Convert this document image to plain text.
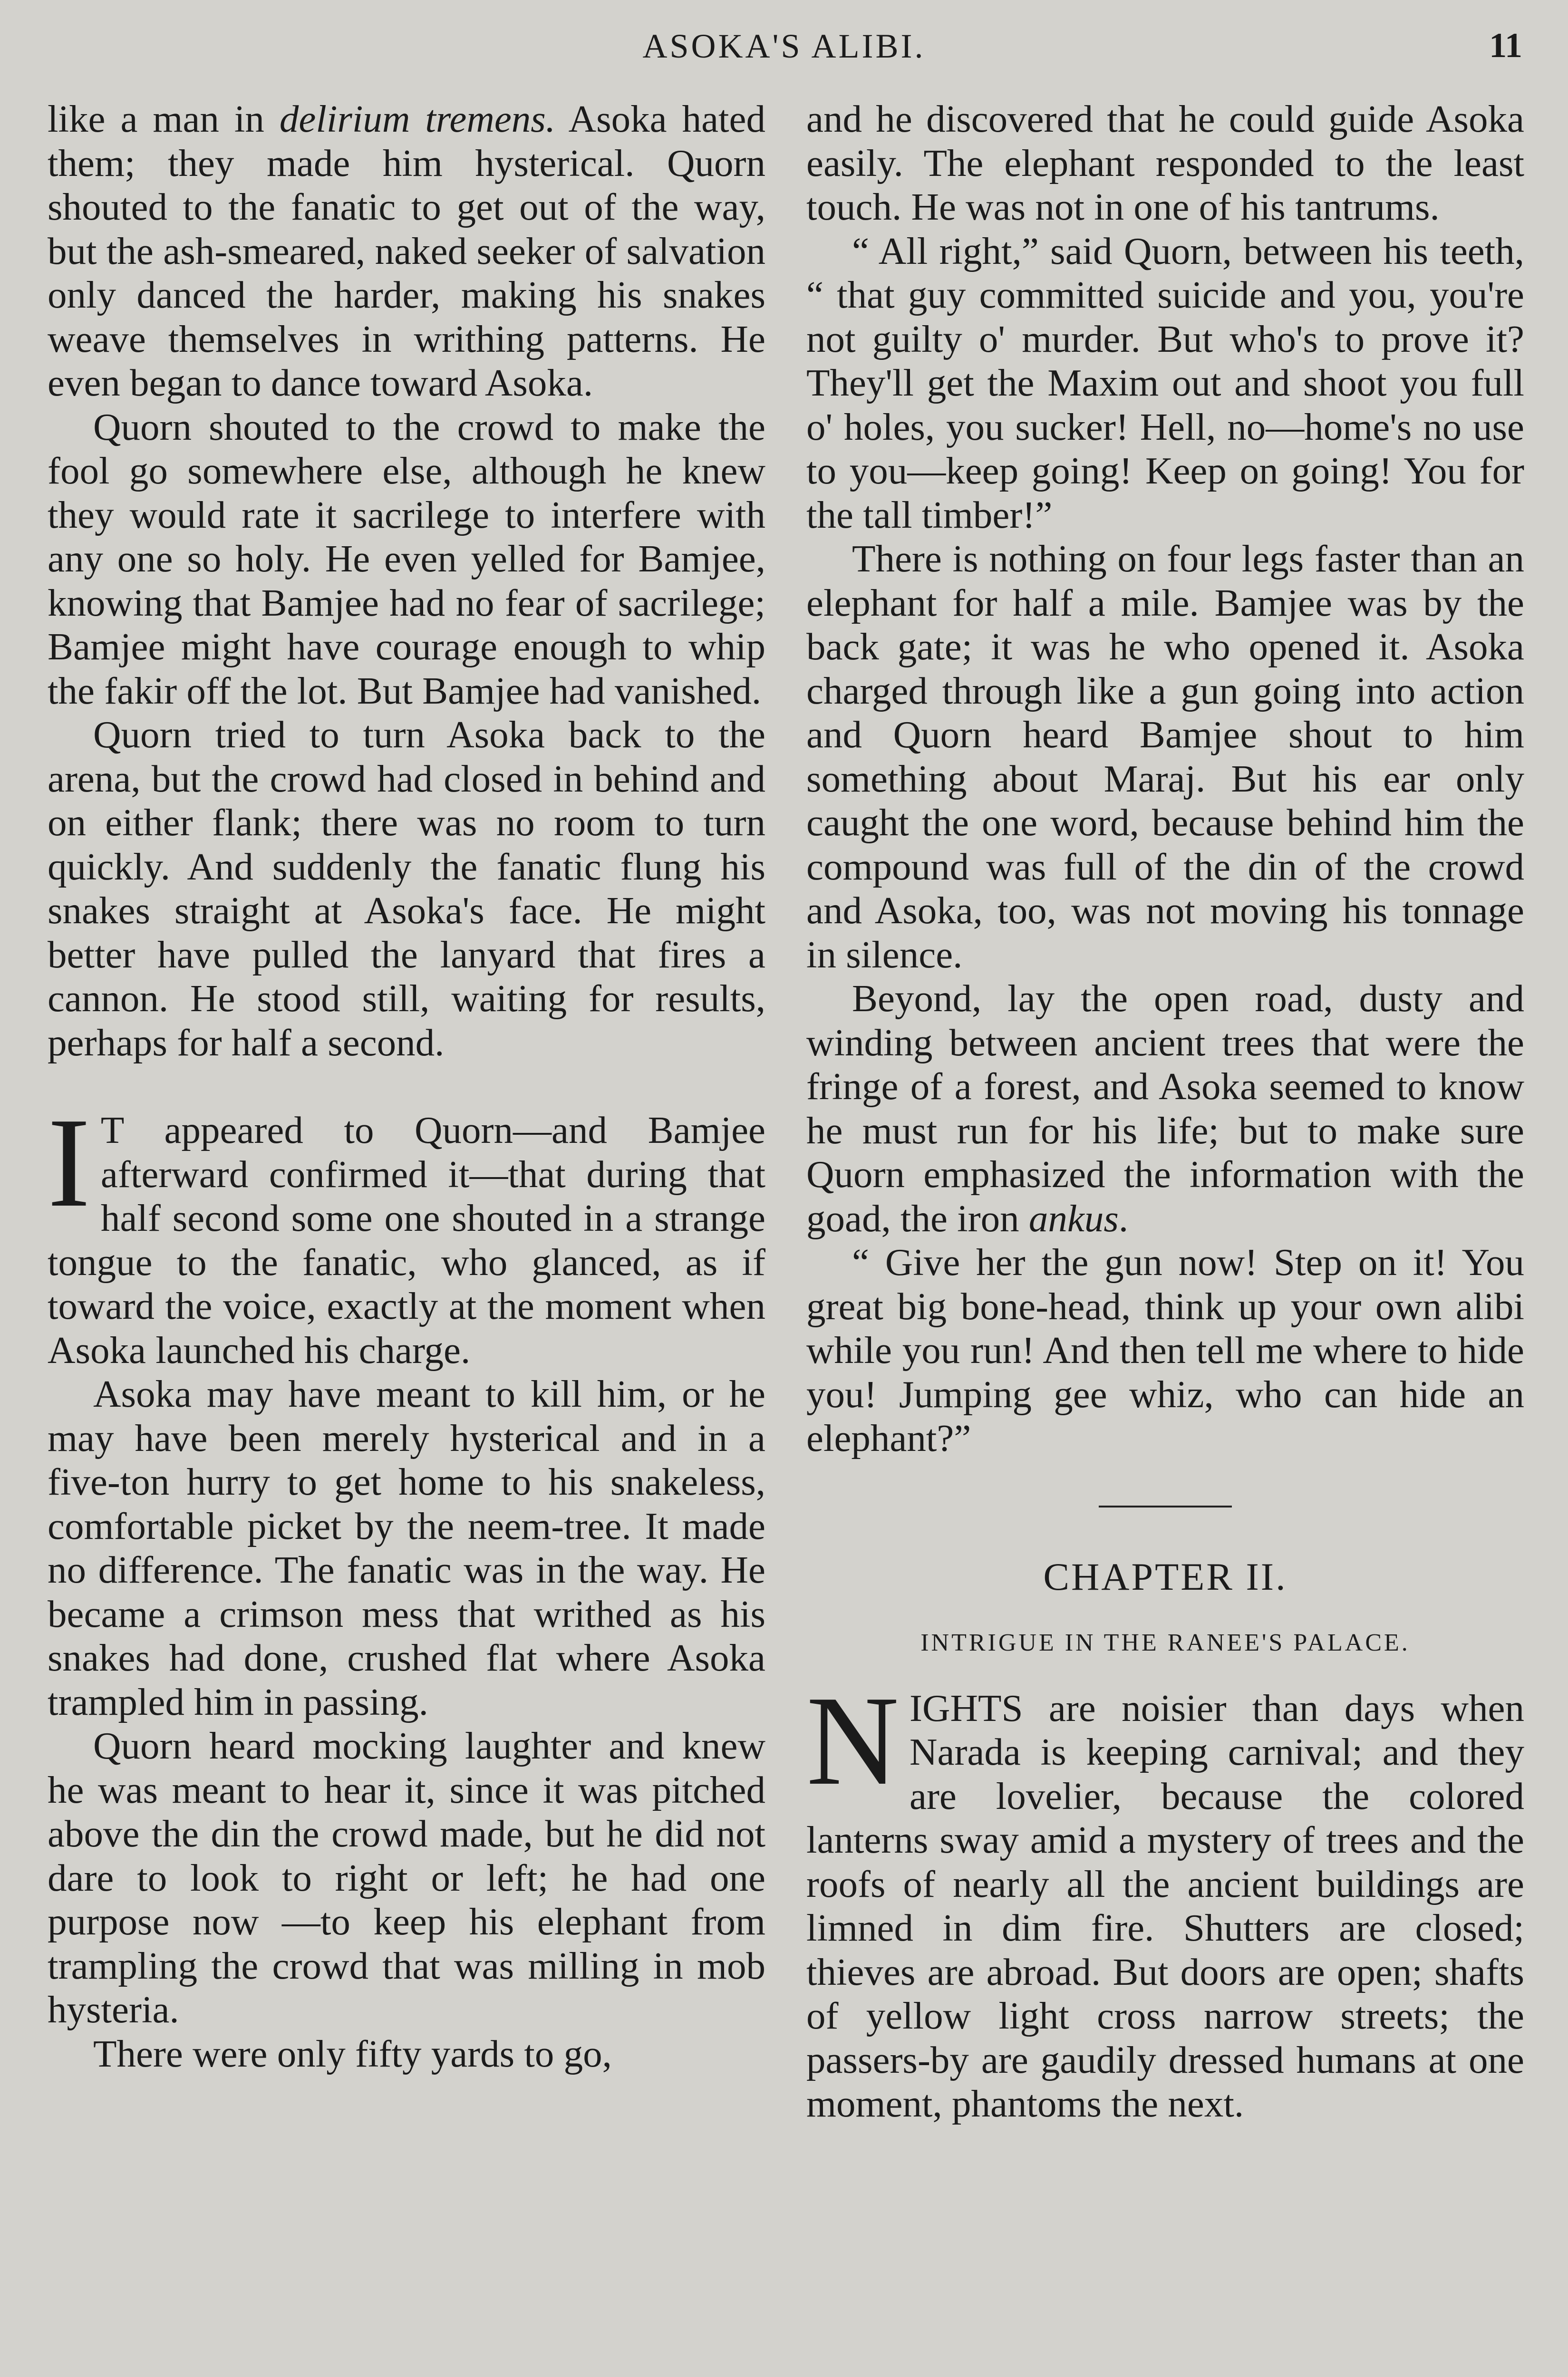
ASOKA'S ALIBI.	11

like a man in delirium tremens. Asoka hated them; they made him hysterical. Quorn shouted to the fanatic to get out of the way, but the ash-smeared, naked seeker of salvation only danced the harder, making his snakes weave themselves in writhing patterns. He even began to dance toward Asoka.

Quorn shouted to the crowd to make the fool go somewhere else, although he knew they would rate it sacrilege to interfere with any one so holy. He even yelled for Bamjee, knowing that Bamjee had no fear of sacrilege; Bamjee might have courage enough to whip the fakir off the lot. But Bamjee had vanished.

Quorn tried to turn Asoka back to the arena, but the crowd had closed in behind and on either flank; there was no room to turn quickly. And suddenly the fanatic flung his snakes straight at Asoka's face. He might better have pulled the lanyard that fires a cannon. He stood still, waiting for results, perhaps for half a second.

I T appeared to Quorn—and Bamjee afterward confirmed it—that during that half second some one shouted in a strange tongue to the fanatic, who glanced, as if toward the voice, exactly at the moment when Asoka launched his charge.

Asoka may have meant to kill him, or he may have been merely hysterical and in a five-ton hurry to get home to his snakeless, comfortable picket by the neem-tree. It made no difference. The fanatic was in the way. He became a crimson mess that writhed as his snakes had done, crushed flat where Asoka trampled him in passing.

Quorn heard mocking laughter and knew he was meant to hear it, since it was pitched above the din the crowd made, but he did not dare to look to right or left; he had one purpose now —to keep his elephant from trampling the crowd that was milling in mob hysteria.

There were only fifty yards to go,

and he discovered that he could guide Asoka easily. The elephant responded to the least touch. He was not in one of his tantrums.

“ All right,” said Quorn, between his teeth, “ that guy committed suicide and you, you're not guilty o' murder. But who's to prove it? They'll get the Maxim out and shoot you full o' holes, you sucker! Hell, no—home's no use to you—keep going! Keep on going! You for the tall timber!”

There is nothing on four legs faster than an elephant for half a mile. Bamjee was by the back gate; it was he who opened it. Asoka charged through like a gun going into action and Quorn heard Bamjee shout to him something about Maraj. But his ear only caught the one word, because behind him the compound was full of the din of the crowd and Asoka, too, was not moving his tonnage in silence.

Beyond, lay the open road, dusty and winding between ancient trees that were the fringe of a forest, and Asoka seemed to know he must run for his life; but to make sure Quorn emphasized the information with the goad, the iron ankus.

“ Give her the gun now! Step on it! You great big bone-head, think up your own alibi while you run! And then tell me where to hide you! Jumping gee whiz, who can hide an elephant?”

CHAPTER II.
INTRIGUE IN THE RANEE'S PALACE.

NIGHTS are noisier than days when Narada is keeping carnival; and they are lovelier, because the colored lanterns sway amid a mystery of trees and the roofs of nearly all the ancient buildings are limned in dim fire. Shutters are closed; thieves are abroad. But doors are open; shafts of yellow light cross narrow streets; the passers-by are gaudily dressed humans at one moment, phantoms the next.
